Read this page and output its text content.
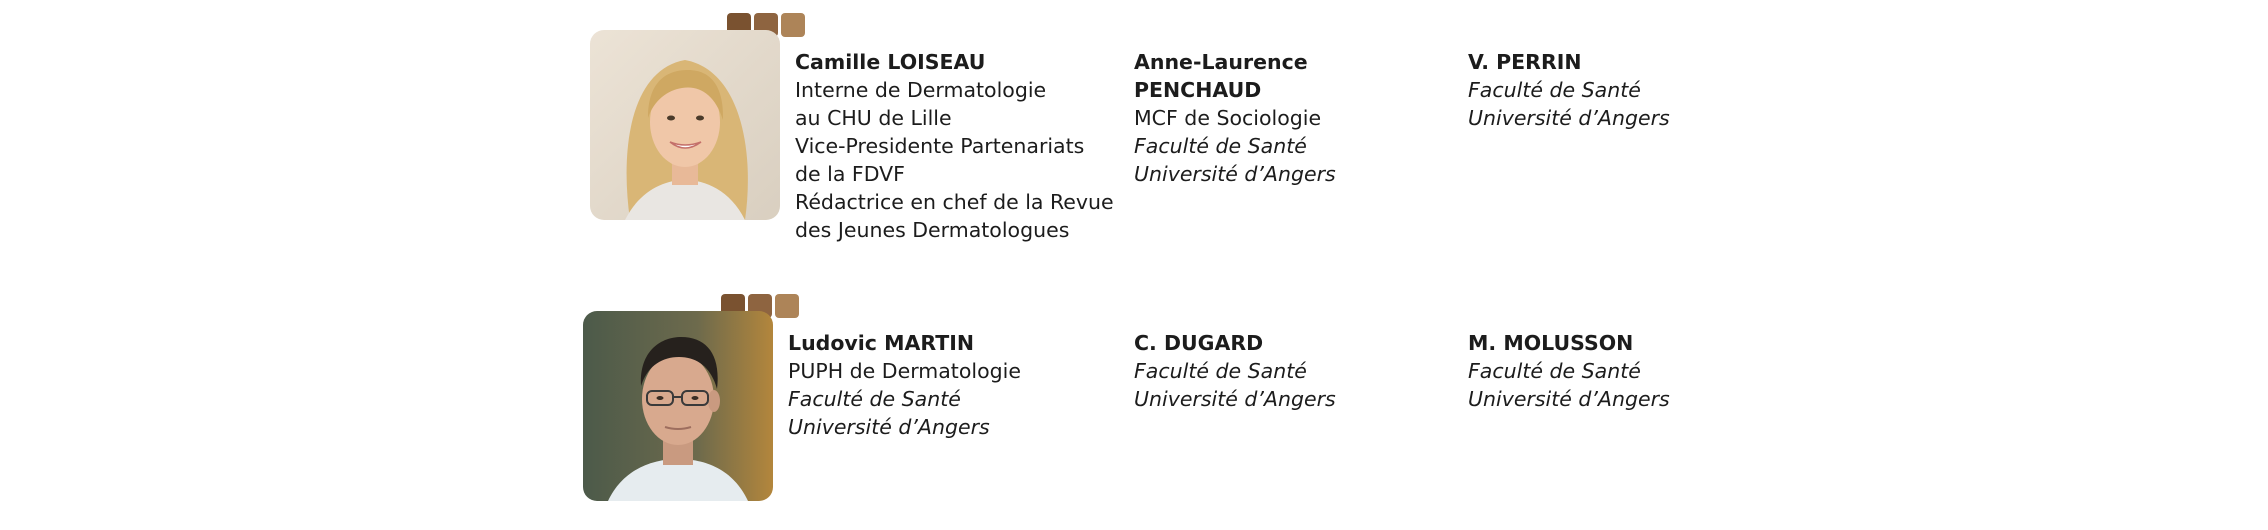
Camille LOISEAU
Interne de Dermatologie
au CHU de Lille
Vice-Presidente Partenariats
de la FDVF
Rédactrice en chef de la Revue
des Jeunes Dermatologues
Anne-Laurence
PENCHAUD
MCF de Sociologie
Faculté de Santé
Université d’Angers
V. PERRIN
Faculté de Santé
Université d’Angers
Ludovic MARTIN
PUPH de Dermatologie
Faculté de Santé
Université d’Angers
C. DUGARD
Faculté de Santé
Université d’Angers
M. MOLUSSON
Faculté de Santé
Université d’Angers
